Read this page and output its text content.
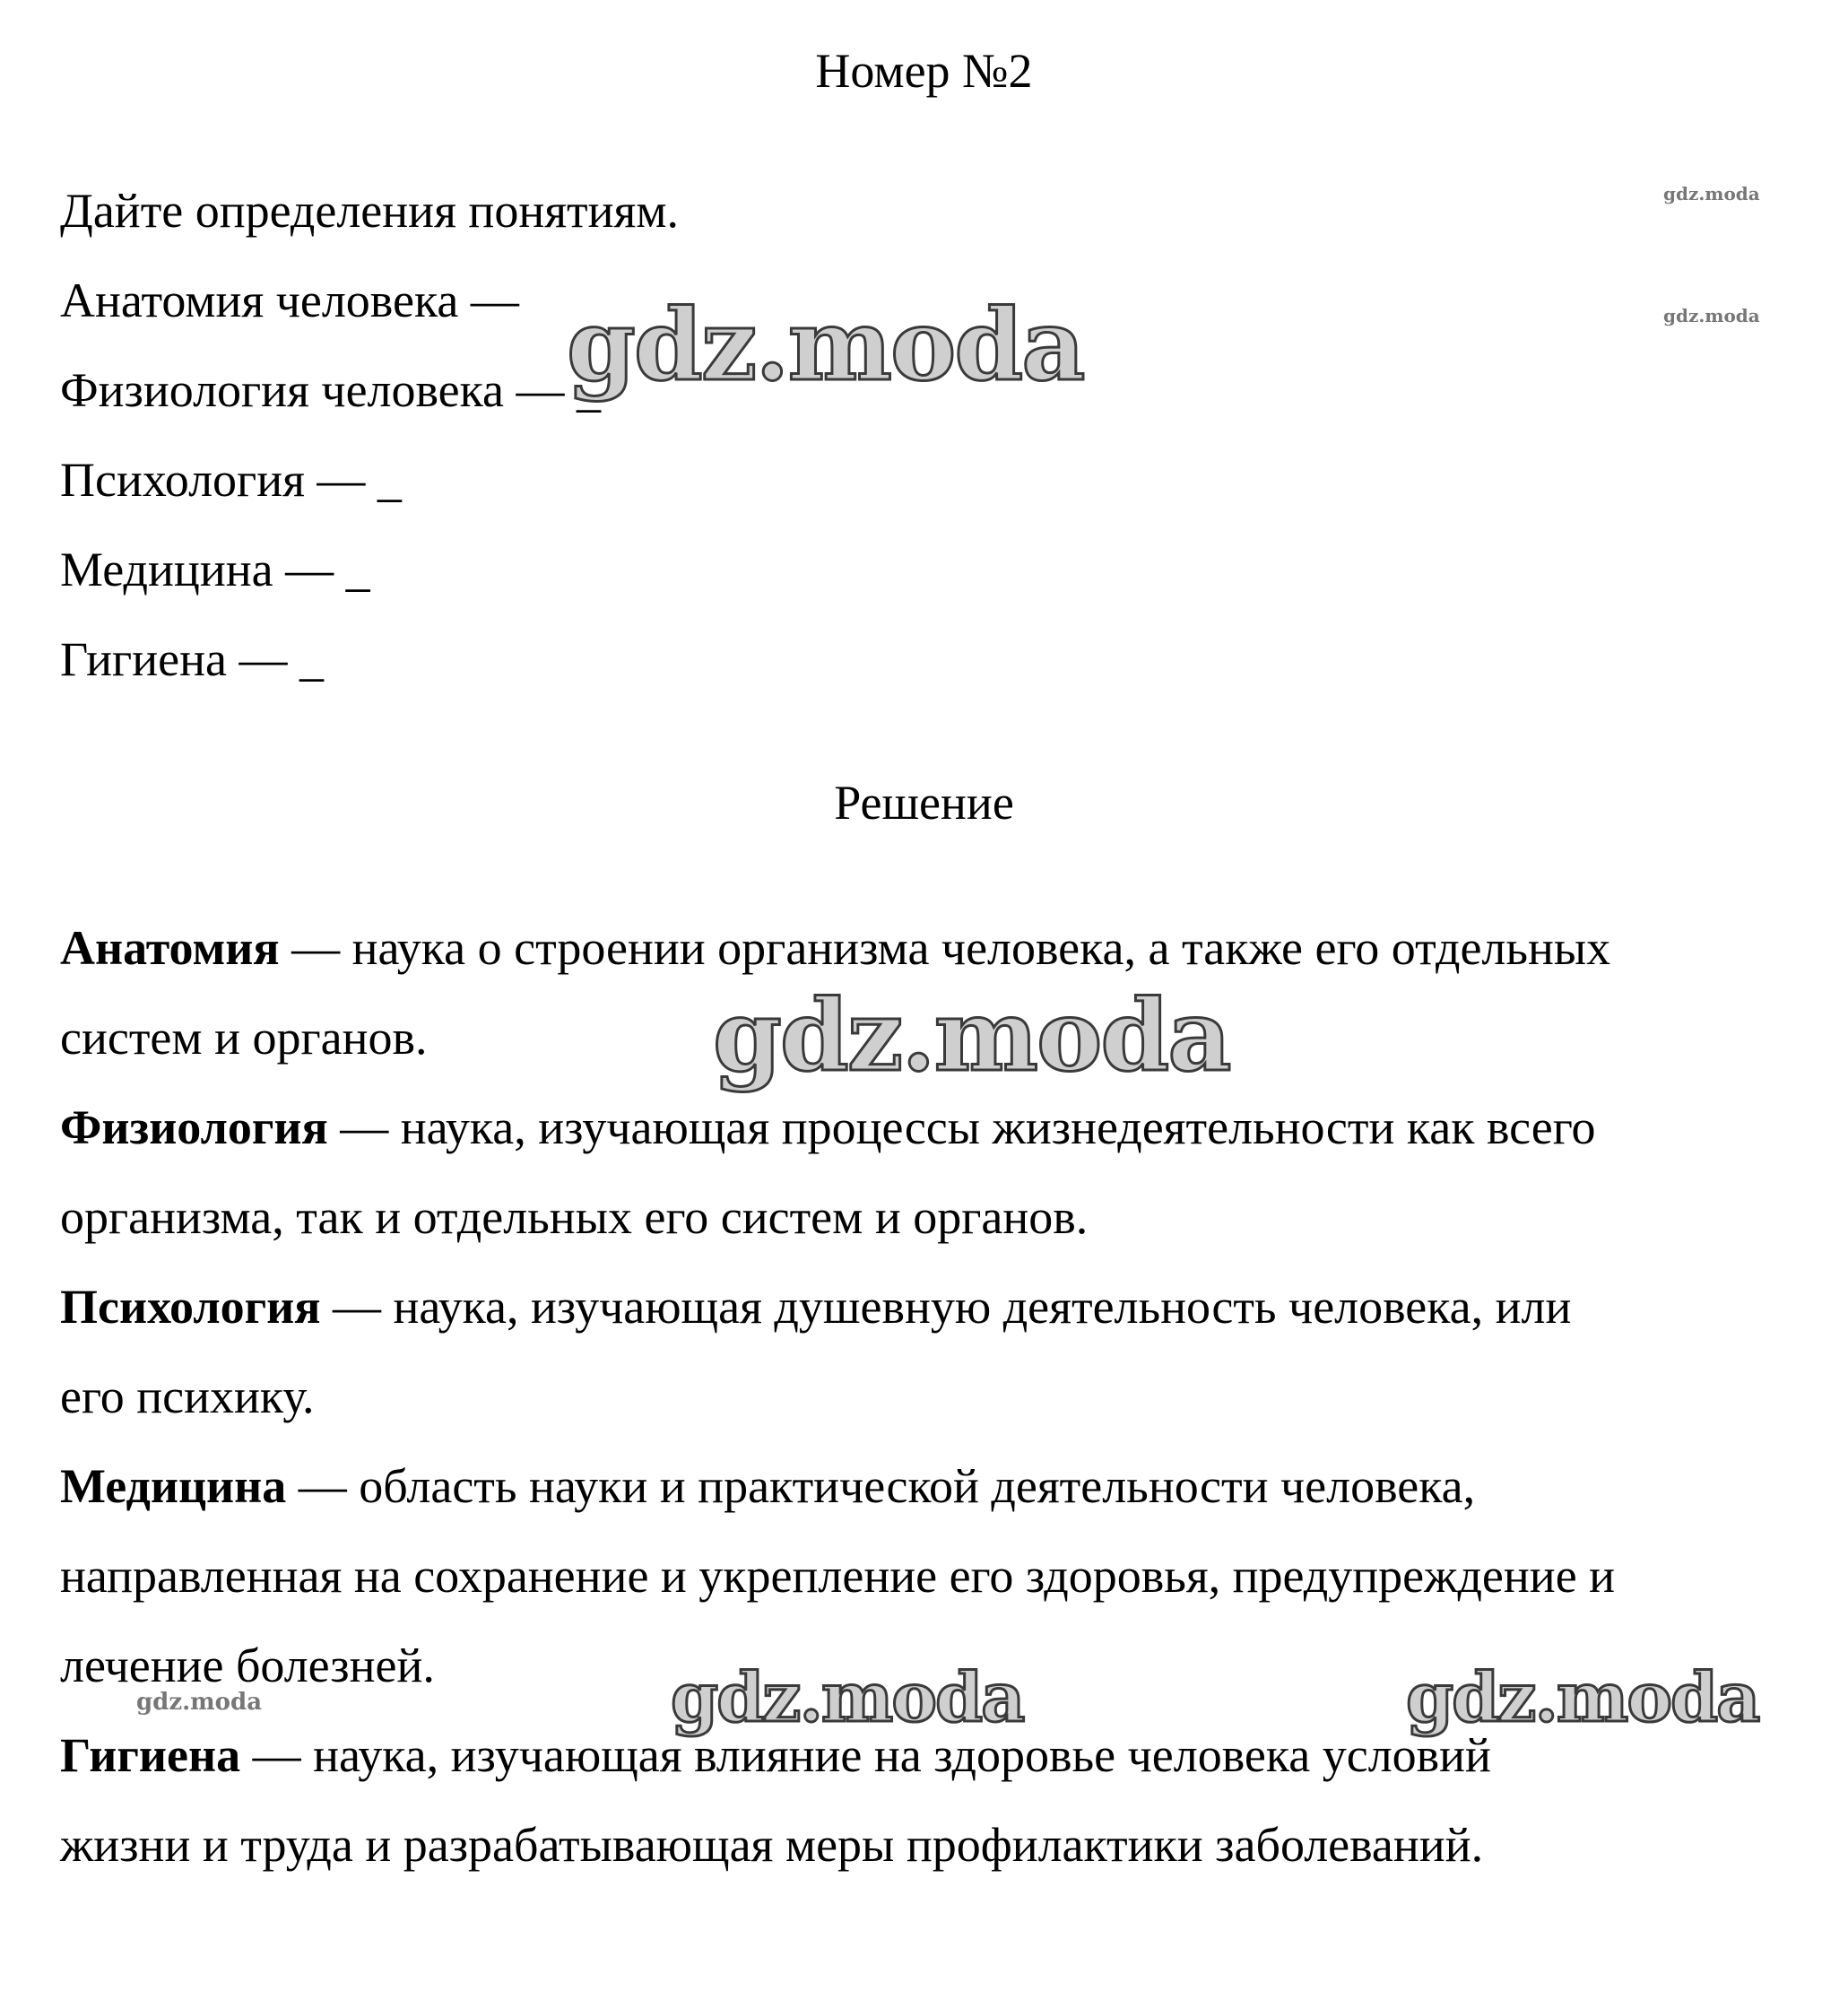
Номер №2
Дайте определения понятиям.
Анатомия человека —
Физиология человека — _
Психология — _
Медицина — _
Гигиена — _
Решение
Анатомия — наука о строении организма человека, а также его отдельных
систем и органов.
Физиология — наука, изучающая процессы жизнедеятельности как всего
организма, так и отдельных его систем и органов.
Психология — наука, изучающая душевную деятельность человека, или
его психику.
Медицина — область науки и практической деятельности человека,
направленная на сохранение и укрепление его здоровья, предупреждение и
лечение болезней.
Гигиена — наука, изучающая влияние на здоровье человека условий
жизни и труда и разрабатывающая меры профилактики заболеваний.
gdz.moda
gdz.moda
gdz.moda	gdz.moda
gdz.moda
gdz.moda
gdz.moda
